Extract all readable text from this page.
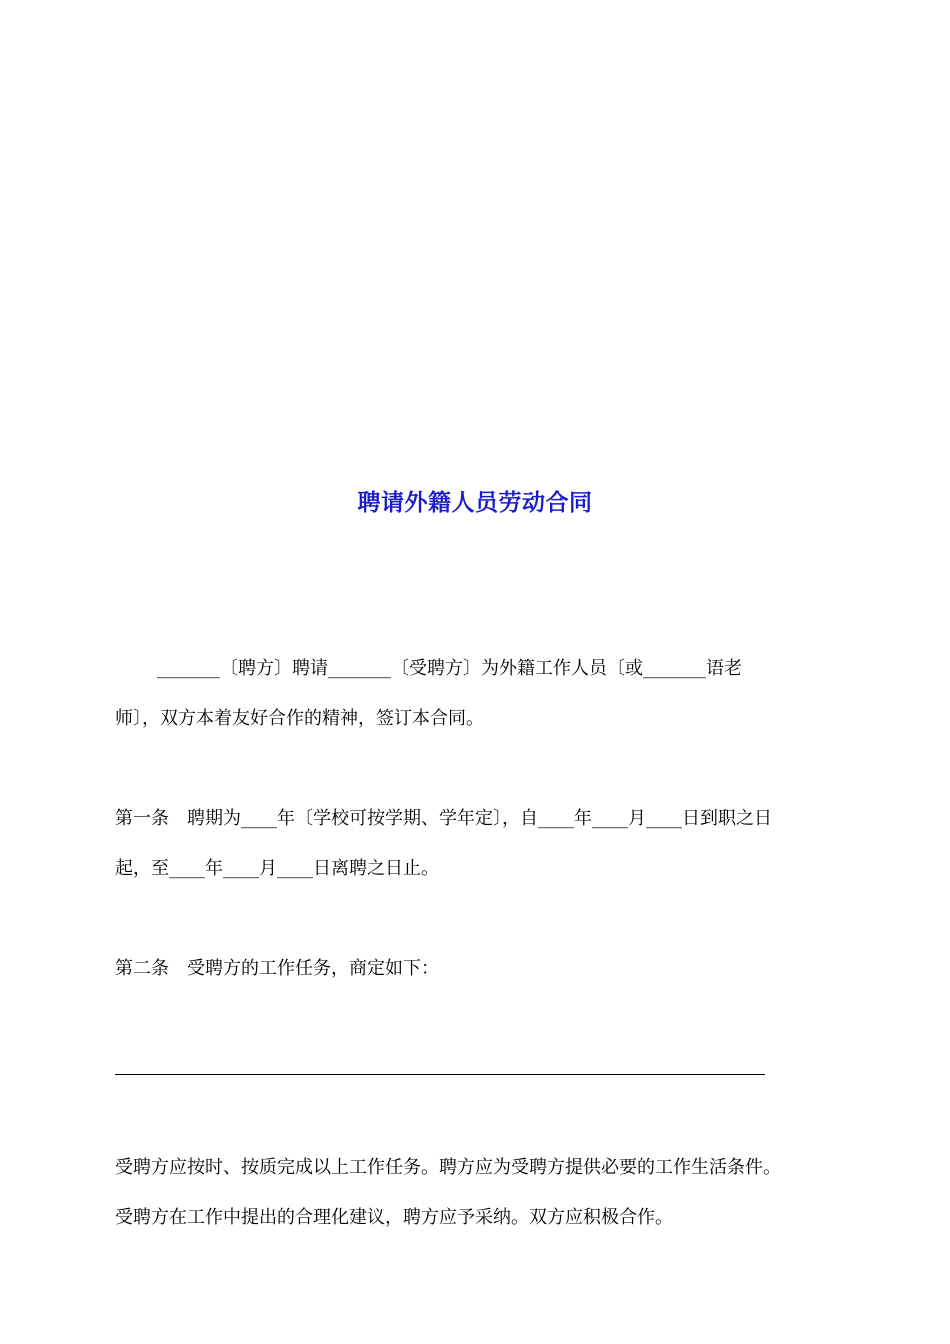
聘请外籍人员劳动合同
_______〔聘方〕聘请_______〔受聘方〕为外籍工作人员〔或_______语老
师〕，双方本着友好合作的精神，签订本合同。
第一条　聘期为____年〔学校可按学期、学年定〕，自____年____月____日到职之日
起，至____年____月____日离聘之日止。
第二条　受聘方的工作任务，商定如下：
受聘方应按时、按质完成以上工作任务。聘方应为受聘方提供必要的工作生活条件。
受聘方在工作中提出的合理化建议，聘方应予采纳。双方应积极合作。
